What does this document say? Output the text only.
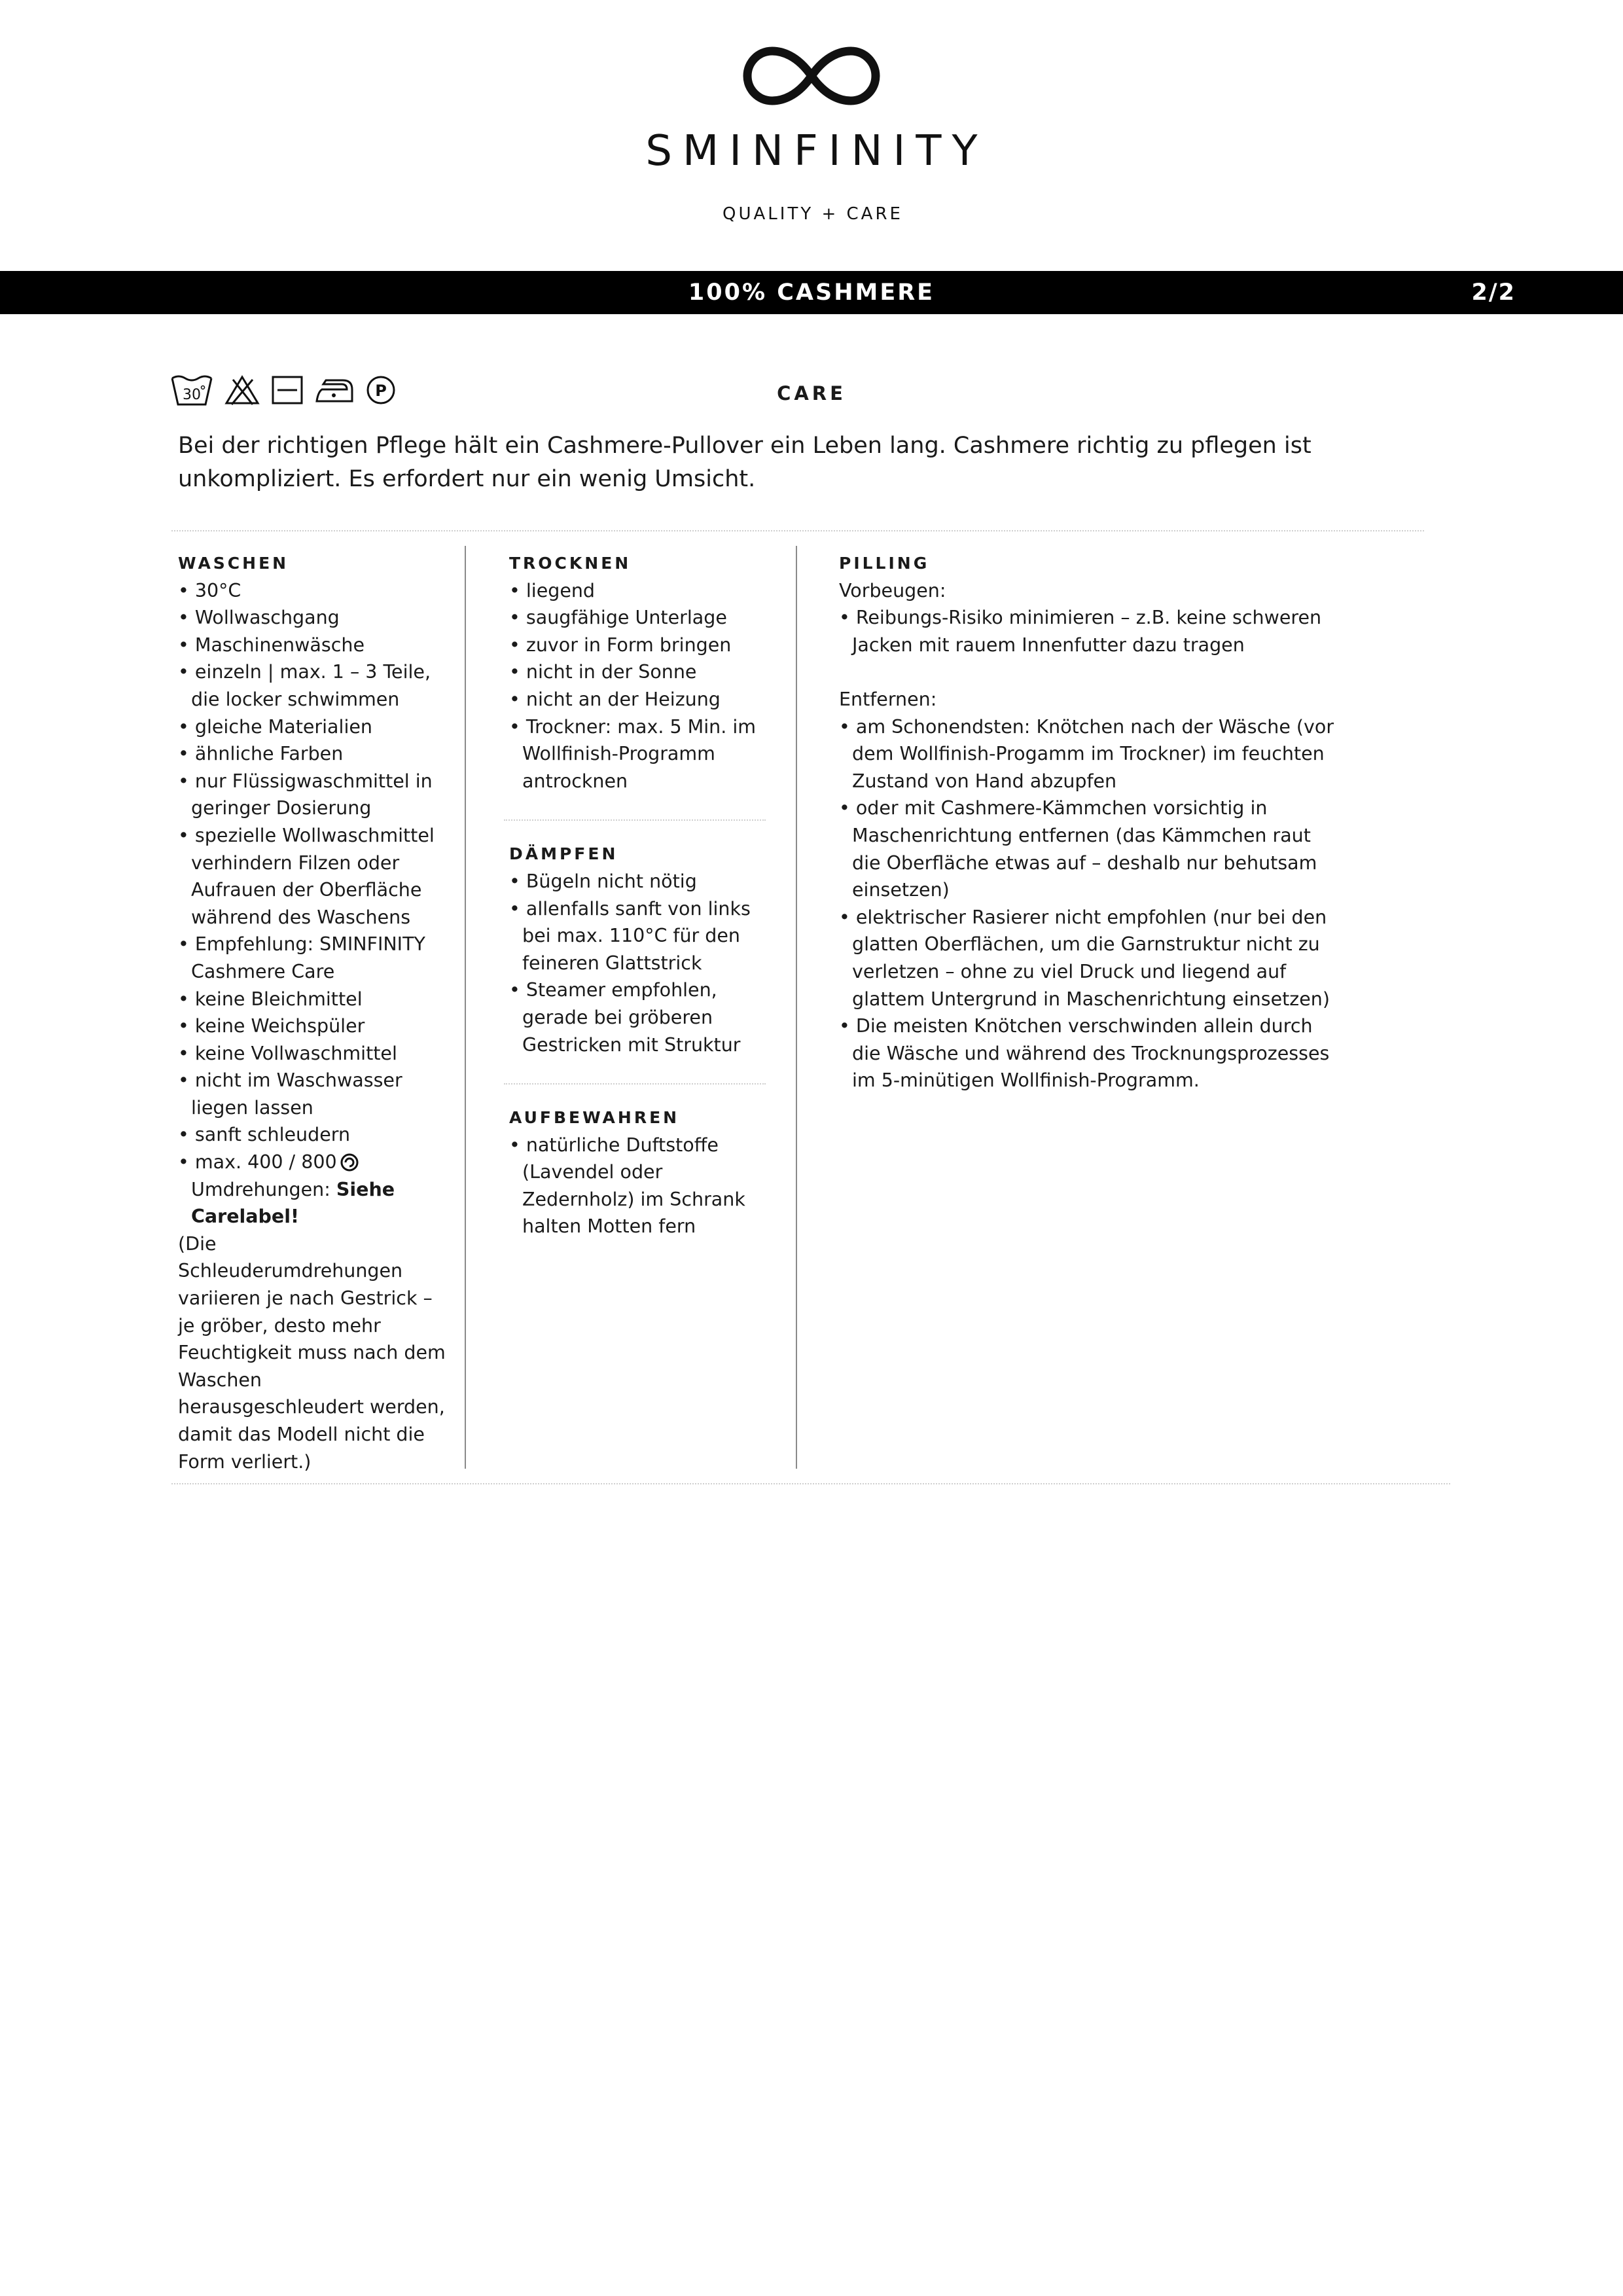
SMINFINITY
QUALITY + CARE
100% CASHMERE	2/2
30	P	CARE
Bei der richtigen Pflege hält ein Cashmere-Pullover ein Leben lang. Cashmere richtig zu pflegen ist unkompliziert. Es erfordert nur ein wenig Umsicht.
WASCHEN
• 30°C
• Wollwaschgang
• Maschinenwäsche
• einzeln | max. 1 – 3 Teile, die locker schwimmen
• gleiche Materialien
• ähnliche Farben
• nur Flüssigwaschmittel in geringer Dosierung
• spezielle Wollwaschmittel verhindern Filzen oder Aufrauen der Oberfläche während des Waschens
• Empfehlung: SMINFINITY Cashmere Care
• keine Bleichmittel
• keine Weichspüler
• keine Vollwaschmittel
• nicht im Waschwasser liegen lassen
• sanft schleudern
• max. 400 / 800Umdrehungen: Siehe Carelabel!

(Die Schleuderumdrehungen variieren je nach Gestrick – je gröber, desto mehr Feuchtigkeit muss nach dem Waschen herausgeschleudert werden, damit das Modell nicht die Form verliert.)

TROCKNEN
• liegend
• saugfähige Unterlage
• zuvor in Form bringen
• nicht in der Sonne
• nicht an der Heizung
• Trockner: max. 5 Min. im Wollfinish-Programm antrocknen
DÄMPFEN
• Bügeln nicht nötig
• allenfalls sanft von links bei max. 110°C für den feineren Glattstrick
• Steamer empfohlen, gerade bei gröberen Gestricken mit Struktur
AUFBEWAHREN
• natürliche Duftstoffe (Lavendel oder Zedernholz) im Schrank halten Motten fern
PILLING

Vorbeugen:

• Reibungs-Risiko minimieren – z.B. keine schweren Jacken mit rauem Innenfutter dazu tragen

Entfernen:

• am Schonendsten: Knötchen nach der Wäsche (vor dem Wollfinish-Progamm im Trockner) im feuchten Zustand von Hand abzupfen
• oder mit Cashmere-Kämmchen vorsichtig in Maschenrichtung entfernen (das Kämmchen raut die Oberfläche etwas auf – deshalb nur behutsam einsetzen)
• elektrischer Rasierer nicht empfohlen (nur bei den glatten Oberflächen, um die Garnstruktur nicht zu verletzen – ohne zu viel Druck und liegend auf glattem Untergrund in Maschenrichtung einsetzen)
• Die meisten Knötchen verschwinden allein durch die Wäsche und während des Trocknungsprozesses im 5-minütigen Wollfinish-Programm.
